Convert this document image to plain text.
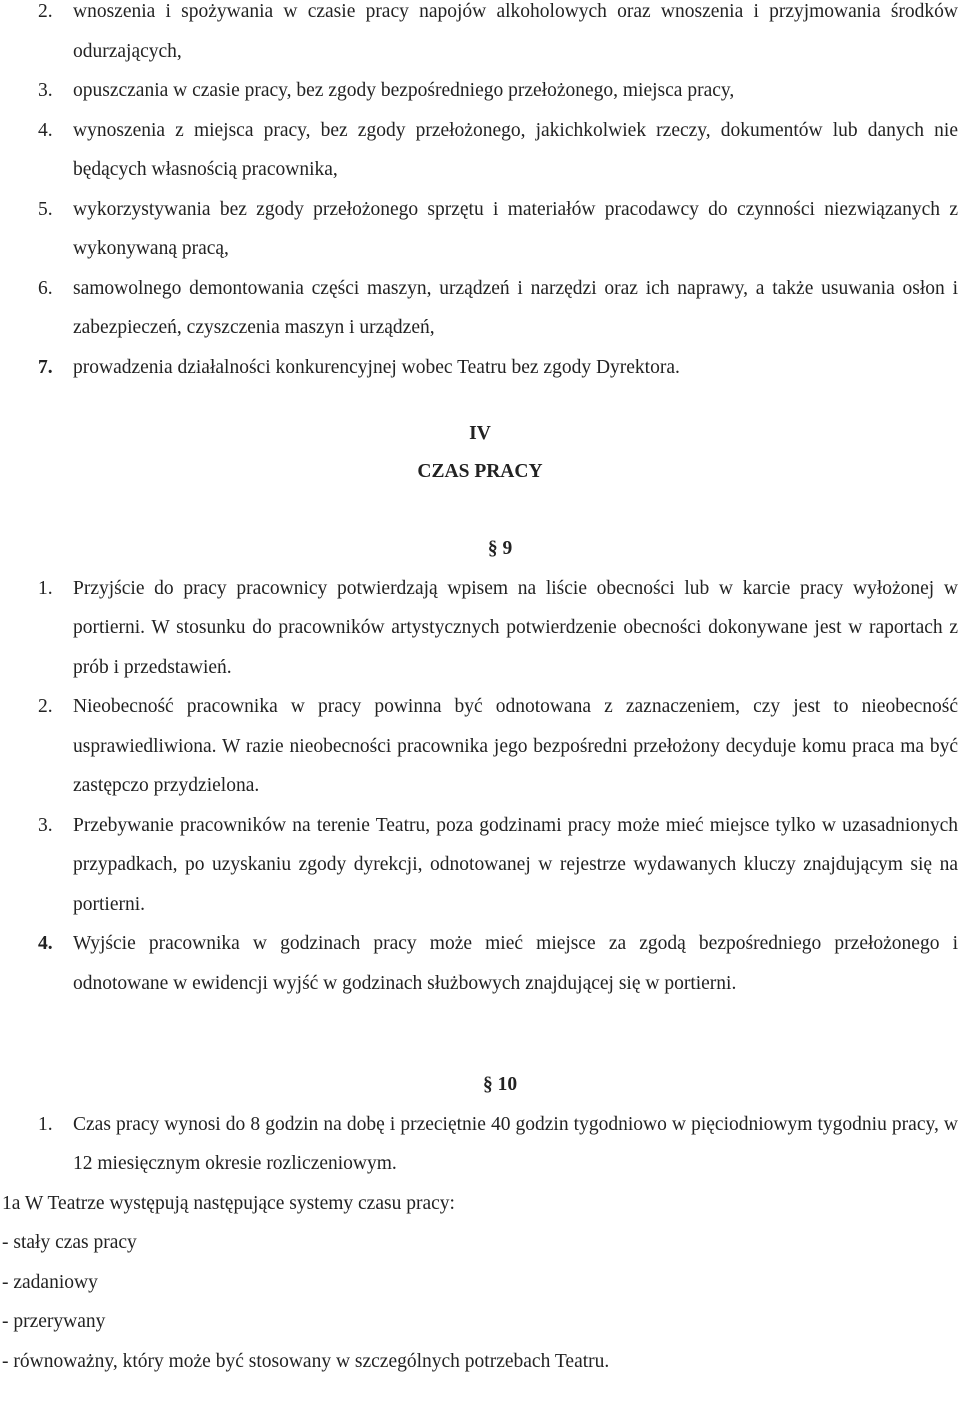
2.	wnoszenia i spożywania w czasie pracy napojów alkoholowych oraz wnoszenia i przyjmowania środków odurzających,
3.	opuszczania w czasie pracy, bez zgody bezpośredniego przełożonego, miejsca pracy,
4.	wynoszenia z miejsca pracy, bez zgody przełożonego, jakichkolwiek rzeczy, dokumentów lub danych nie będących własnością pracownika,
5.	wykorzystywania bez zgody przełożonego sprzętu i materiałów pracodawcy do czynności niezwiązanych z wykonywaną pracą,
6.	samowolnego demontowania części maszyn, urządzeń i narzędzi oraz ich naprawy, a także usuwania osłon i zabezpieczeń, czyszczenia maszyn i urządzeń,
7.	prowadzenia działalności konkurencyjnej wobec Teatru bez zgody Dyrektora.
IV
CZAS PRACY
§ 9
1.	Przyjście do pracy pracownicy potwierdzają wpisem na liście obecności lub w karcie pracy wyłożonej w portierni. W stosunku do pracowników artystycznych potwierdzenie obecności dokonywane jest w raportach z prób i przedstawień.
2.	Nieobecność pracownika w pracy powinna być odnotowana z zaznaczeniem, czy jest to nieobecność usprawiedliwiona. W razie nieobecności pracownika jego bezpośredni przełożony decyduje komu praca ma być zastępczo przydzielona.
3.	Przebywanie pracowników na terenie Teatru, poza godzinami pracy może mieć miejsce tylko w uzasadnionych przypadkach, po uzyskaniu zgody dyrekcji, odnotowanej w rejestrze wydawanych kluczy znajdującym się na portierni.
4.	Wyjście pracownika w godzinach pracy może mieć miejsce za zgodą bezpośredniego przełożonego i odnotowane w ewidencji wyjść w godzinach służbowych znajdującej się w portierni.
§ 10
1.	Czas pracy wynosi do 8 godzin na dobę i przeciętnie 40 godzin tygodniowo w pięciodniowym tygodniu pracy, w 12 miesięcznym okresie rozliczeniowym.
1a W Teatrze występują następujące systemy czasu pracy:
- stały czas pracy
- zadaniowy
- przerywany
- równoważny, który może być stosowany w szczególnych potrzebach Teatru.
